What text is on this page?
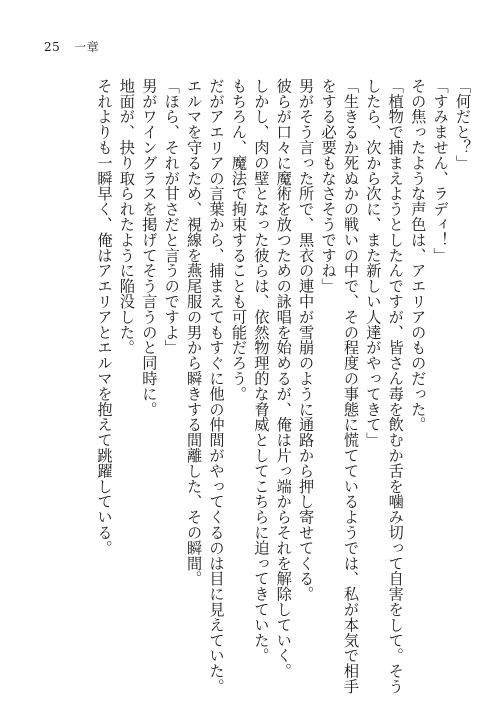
25 一章

「何だと？」

「すみません、ラディ！」

その焦ったような声色は、アエリアのものだった。

「植物で捕まえようとしたんですが、皆さん毒を飲むか舌を噛み切って自害をして。そう

したら、次から次に、また新しい人達がやってきて」

「生きるか死ぬかの戦いの中で、その程度の事態に慌てているようでは、私が本気で相手

をする必要もなさそうですね」

男がそう言った所で、黒衣の連中が雪崩のように通路から押し寄せてくる。

彼らが口々に魔術を放つための詠唱を始めるが、俺は片っ端からそれを解除していく。

しかし、肉の壁となった彼らは、依然物理的な脅威としてこちらに迫ってきていた。

もちろん、魔法で拘束することも可能だろう。

だがアエリアの言葉から、捕まえてもすぐに他の仲間がやってくるのは目に見えていた。

エルマを守るため、視線を燕尾服の男から瞬きする間離した、その瞬間。

「ほら、それが甘さだと言うのですよ」

男がワイングラスを掲げてそう言うのと同時に。

地面が、抉り取られたように陥没した。

それよりも一瞬早く、俺はアエリアとエルマを抱えて跳躍している。
